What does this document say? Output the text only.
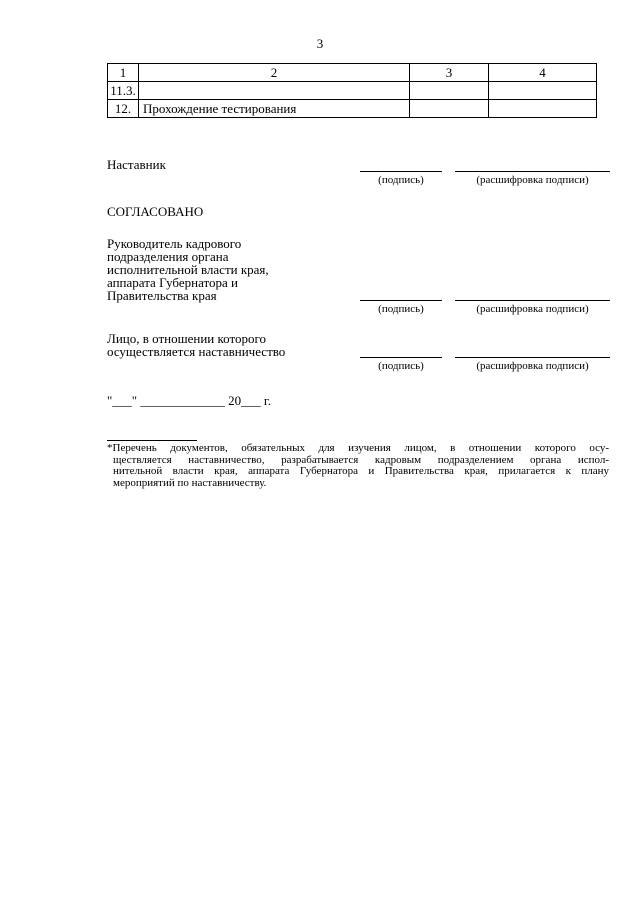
3
1	2	3	4
11.3.			
12.	Прохождение тестирования		
Наставник
(подпись)	(расшифровка подписи)
СОГЛАСОВАНО
Руководитель кадрового
подразделения органа
исполнительной власти края,
аппарата Губернатора и
Правительства края
(подпись)	(расшифровка подписи)
Лицо, в отношении которого
осуществляется наставничество
(подпись)	(расшифровка подписи)
"___" _____________ 20___ г.
*Перечень документов, обязательных для изучения лицом, в отношении которого осу-
ществляется наставничество, разрабатывается кадровым подразделением органа испол-
нительной власти края, аппарата Губернатора и Правительства края, прилагается к плану
мероприятий по наставничеству.
